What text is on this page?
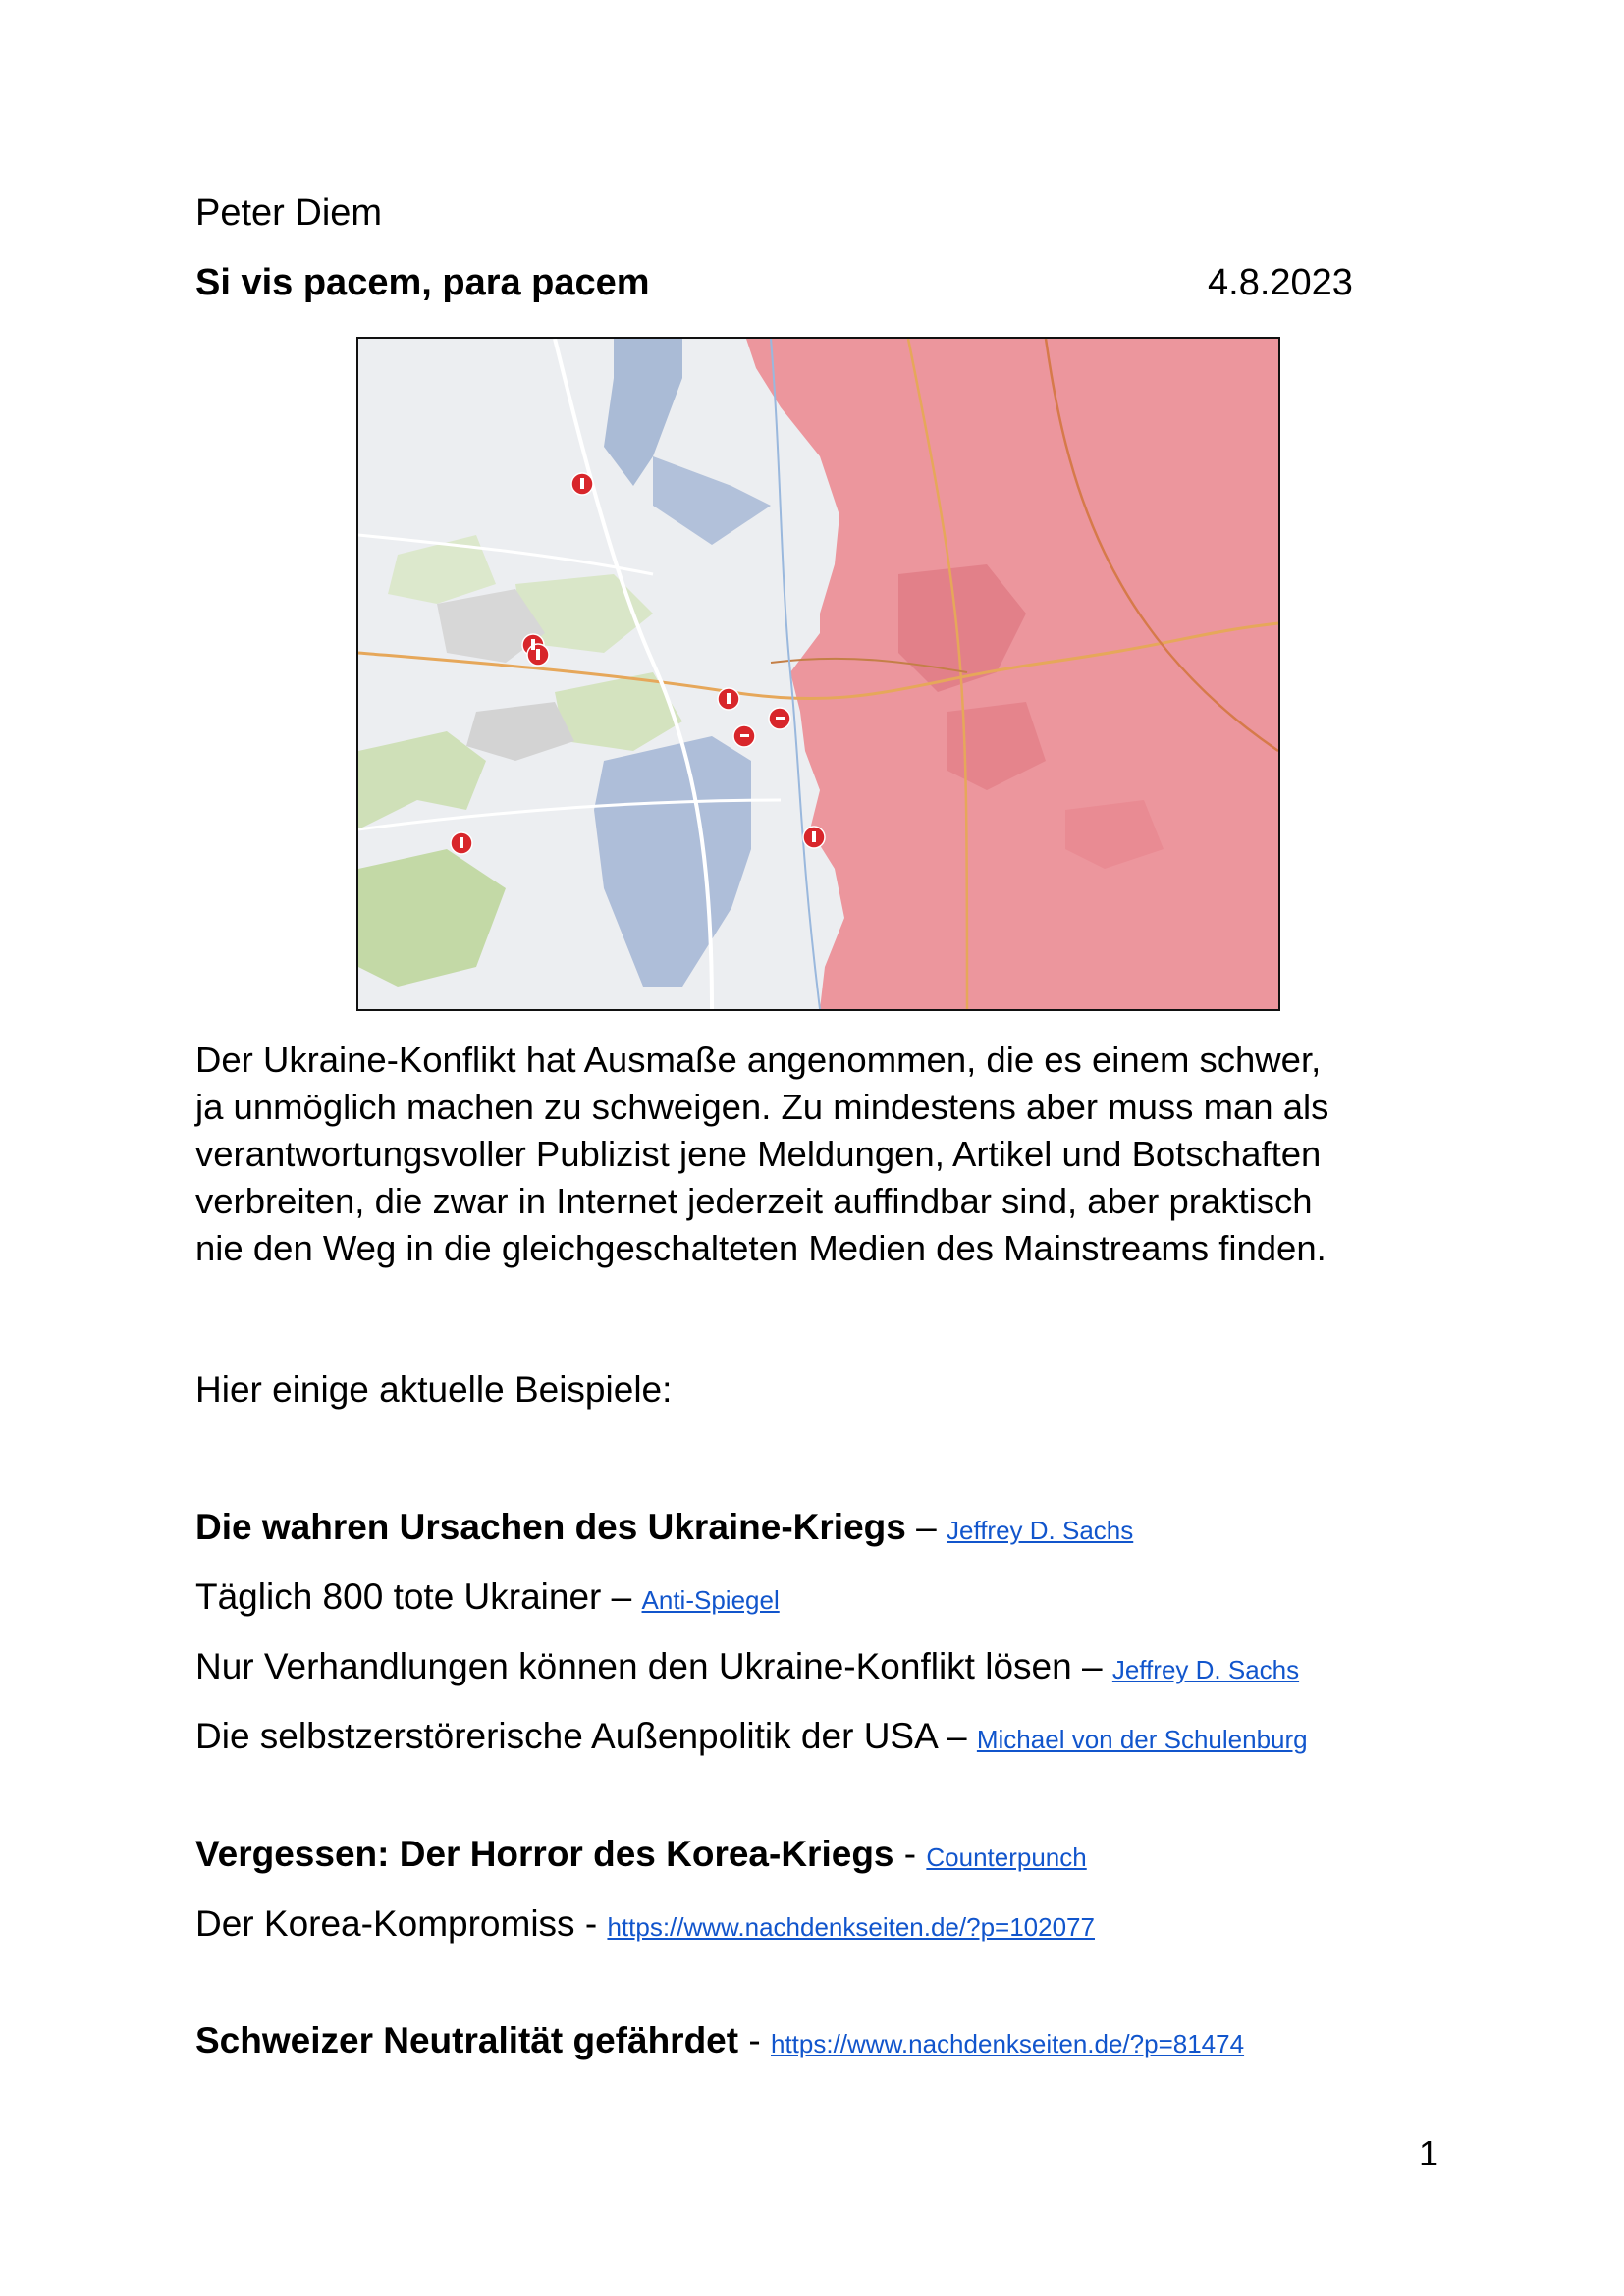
Peter Diem
Si vis pacem, para pacem	4.8.2023

Der Ukraine-Konflikt hat Ausmaße angenommen, die es einem schwer,

ja unmöglich machen zu schweigen. Zu mindestens aber muss man als

verantwortungsvoller Publizist jene Meldungen, Artikel und Botschaften

verbreiten, die zwar in Internet jederzeit auffindbar sind, aber praktisch

nie den Weg in die gleichgeschalteten Medien des Mainstreams finden.

Hier einige aktuelle Beispiele:
Die wahren Ursachen des Ukraine-Kriegs – Jeffrey D. Sachs
Täglich 800 tote Ukrainer – Anti-Spiegel
Nur Verhandlungen können den Ukraine-Konflikt lösen – Jeffrey D. Sachs
Die selbstzerstörerische Außenpolitik der USA – Michael von der Schulenburg
Vergessen: Der Horror des Korea-Kriegs - Counterpunch
Der Korea-Kompromiss - https://www.nachdenkseiten.de/?p=102077
Schweizer Neutralität gefährdet - https://www.nachdenkseiten.de/?p=81474
1
